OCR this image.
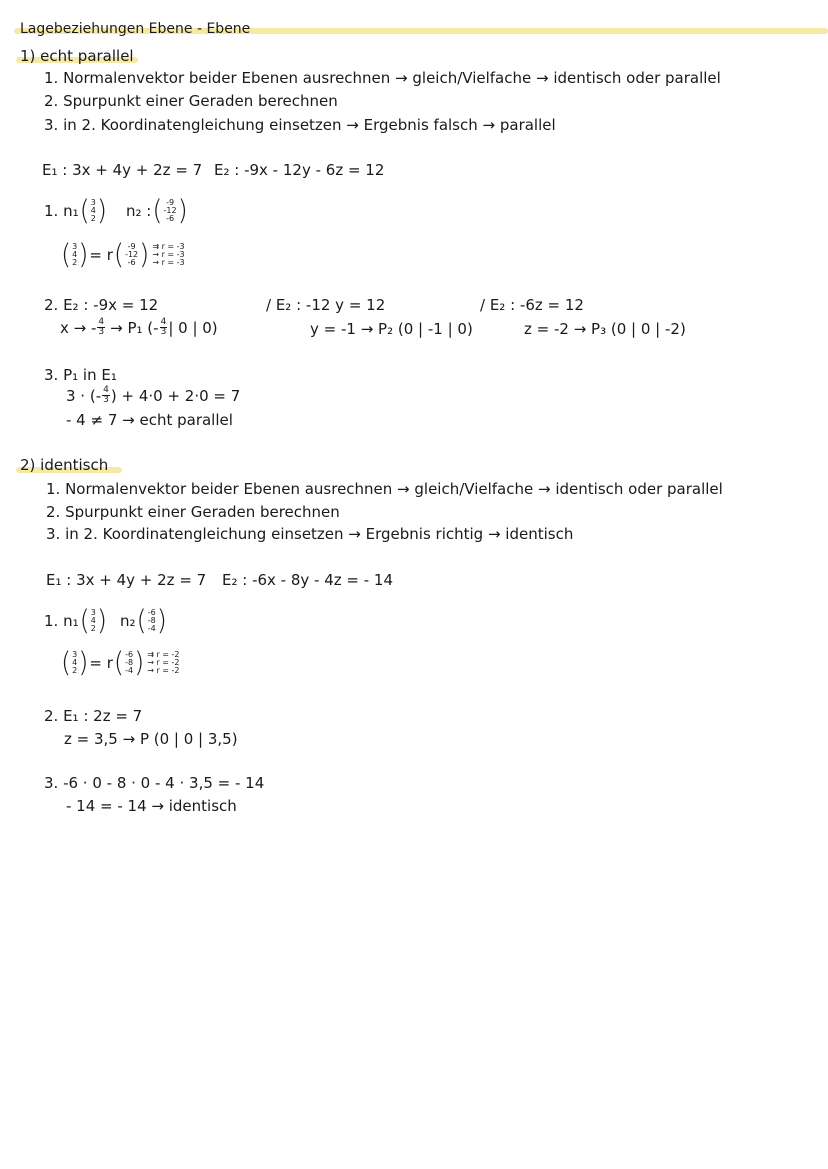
Lagebeziehungen Ebene - Ebene
1) echt parallel
1. Normalenvektor beider Ebenen ausrechnen → gleich/Vielfache → identisch oder parallel
2. Spurpunkt einer Geraden berechnen
3. in 2. Koordinatengleichung einsetzen → Ergebnis falsch → parallel
E₁ : 3x + 4y + 2z = 7 E₂ : -9x - 12y - 6z = 12
1. n₁ ( 3
4
2 ) n₂ : ( -9
-12
-6 )
( 3
4
2 ) = r ( -9
-12
-6 ) ⇉ r = -3
→ r = -3
→ r = -3
2. E₂ : -9x = 12
x → - $\frac{4}{3} \to P_1$ (- $\frac{4}{3}$ | 0 | 0)
/ E₂ : -12 y = 12
y = -1 → P₂ (0 | -1 | 0)
/ E₂ : -6z = 12
z = -2 → P₃ (0 | 0 | -2)
3. P₁ in E₁
3 · (- $\frac{4}{3}$ ) + 4·0 + 2·0 = 7
- 4 ≠ 7 → echt parallel
2) identisch
1. Normalenvektor beider Ebenen ausrechnen → gleich/Vielfache → identisch oder parallel
2. Spurpunkt einer Geraden berechnen
3. in 2. Koordinatengleichung einsetzen → Ergebnis richtig → identisch
E₁ : 3x + 4y + 2z = 7 E₂ : -6x - 8y - 4z = - 14
1. n₁ ( 3
4
2 ) n₂ ( -6
-8
-4 )
( 3
4
2 ) = r ( -6
-8
-4 ) ⇉ r = -2
→ r = -2
→ r = -2
2. E₁ : 2z = 7
z = 3,5 → P (0 | 0 | 3,5)
3. -6 · 0 - 8 · 0 - 4 · 3,5 = - 14
- 14 = - 14 → identisch
